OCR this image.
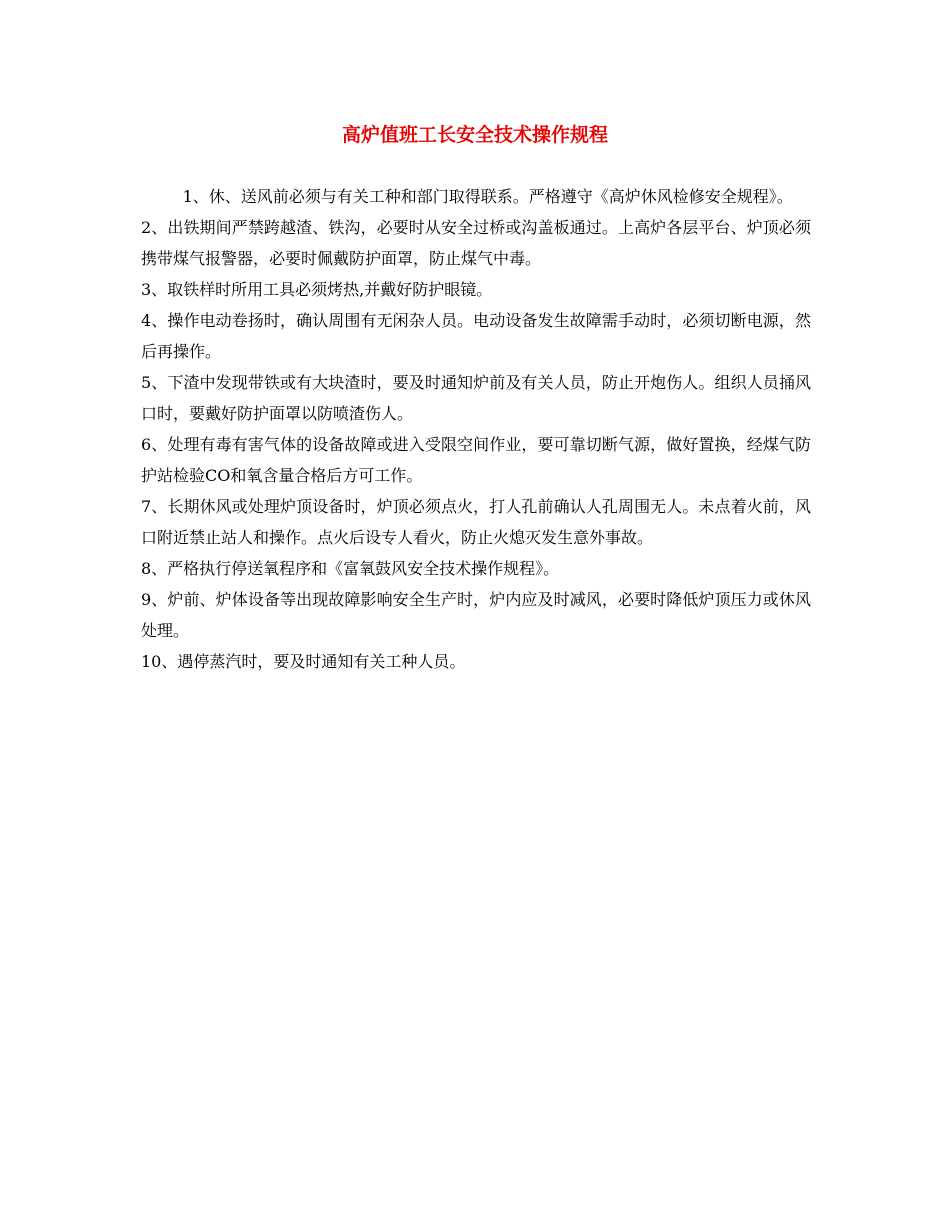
高炉值班工长安全技术操作规程

1、休、送风前必须与有关工种和部门取得联系。严格遵守《高炉休风检修安全规程》。

2、出铁期间严禁跨越渣、铁沟，必要时从安全过桥或沟盖板通过。上高炉各层平台、炉顶必须携带煤气报警器，必要时佩戴防护面罩，防止煤气中毒。

3、取铁样时所用工具必须烤热,并戴好防护眼镜。

4、操作电动卷扬时，确认周围有无闲杂人员。电动设备发生故障需手动时，必须切断电源，然后再操作。

5、下渣中发现带铁或有大块渣时，要及时通知炉前及有关人员，防止开炮伤人。组织人员捅风口时，要戴好防护面罩以防喷渣伤人。

6、处理有毒有害气体的设备故障或进入受限空间作业，要可靠切断气源，做好置换，经煤气防护站检验CO和氧含量合格后方可工作。

7、长期休风或处理炉顶设备时，炉顶必须点火，打人孔前确认人孔周围无人。未点着火前，风口附近禁止站人和操作。点火后设专人看火，防止火熄灭发生意外事故。

8、严格执行停送氧程序和《富氧鼓风安全技术操作规程》。

9、炉前、炉体设备等出现故障影响安全生产时，炉内应及时减风，必要时降低炉顶压力或休风处理。

10、遇停蒸汽时，要及时通知有关工种人员。
